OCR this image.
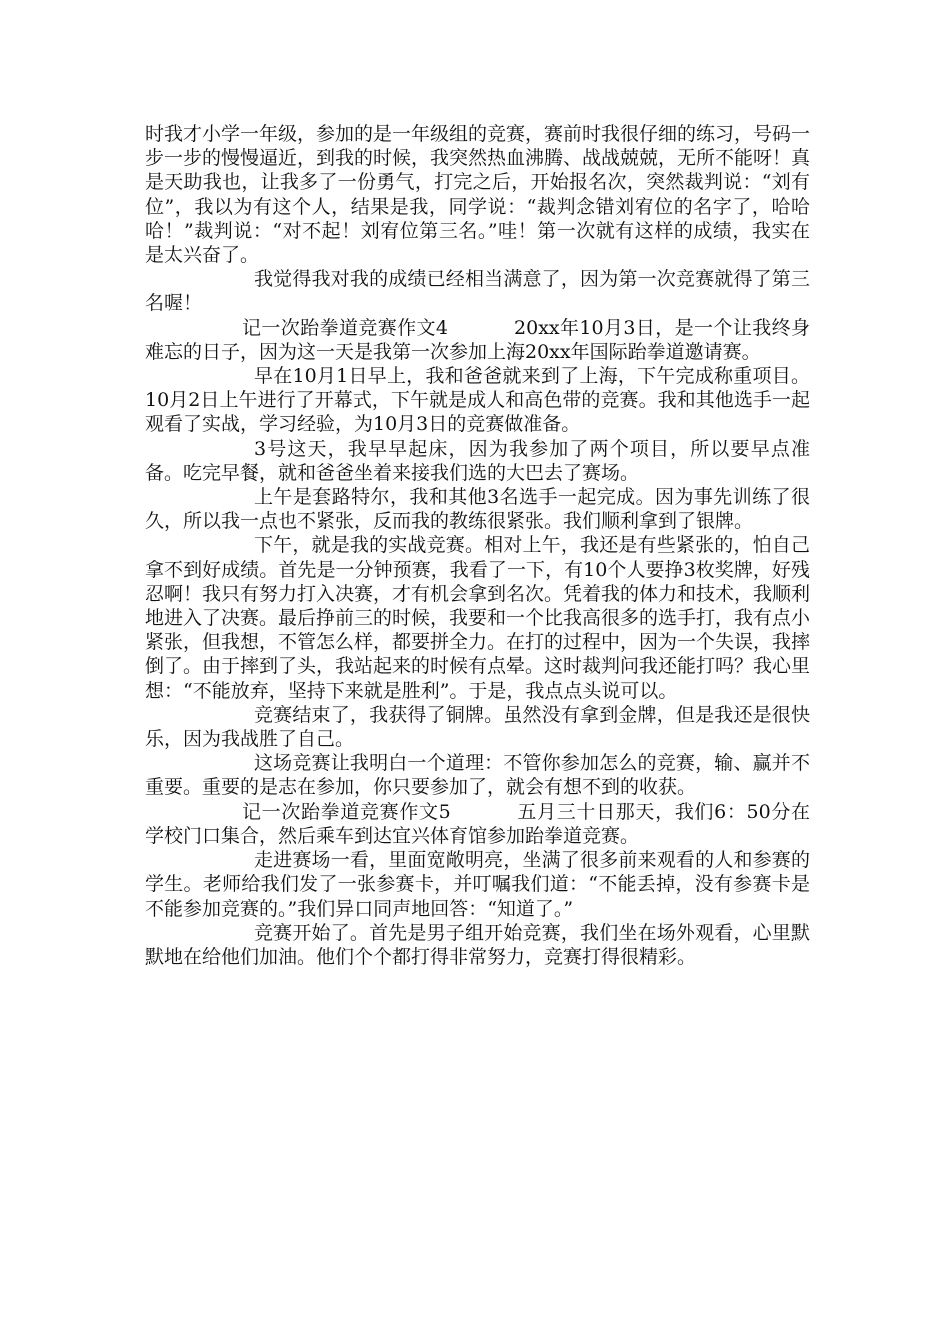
时我才小学一年级，参加的是一年级组的竞赛，赛前时我很仔细的练习，号码一步一步的慢慢逼近，到我的时候，我突然热血沸腾、战战兢兢，无所不能呀！真是天助我也，让我多了一份勇气，打完之后，开始报名次，突然裁判说：“刘有位”，我以为有这个人，结果是我，同学说：“裁判念错刘宥位的名字了，哈哈哈！”裁判说：“对不起！刘宥位第三名。”哇！第一次就有这样的成绩，我实在是太兴奋了。

我觉得我对我的成绩已经相当满意了，因为第一次竞赛就得了第三名喔！

记一次跆拳道竞赛作文4	20xx年10月3日，是一个让我终身难忘的日子，因为这一天是我第一次参加上海20xx年国际跆拳道邀请赛。

早在10月1日早上，我和爸爸就来到了上海，下午完成称重项目。10月2日上午进行了开幕式，下午就是成人和高色带的竞赛。我和其他选手一起观看了实战，学习经验，为10月3日的竞赛做准备。

3号这天，我早早起床，因为我参加了两个项目，所以要早点准备。吃完早餐，就和爸爸坐着来接我们选的大巴去了赛场。

上午是套路特尔，我和其他3名选手一起完成。因为事先训练了很久，所以我一点也不紧张，反而我的教练很紧张。我们顺利拿到了银牌。

下午，就是我的实战竞赛。相对上午，我还是有些紧张的，怕自己拿不到好成绩。首先是一分钟预赛，我看了一下，有10个人要挣3枚奖牌，好残忍啊！我只有努力打入决赛，才有机会拿到名次。凭着我的体力和技术，我顺利地进入了决赛。最后挣前三的时候，我要和一个比我高很多的选手打，我有点小紧张，但我想，不管怎么样，都要拼全力。在打的过程中，因为一个失误，我摔倒了。由于摔到了头，我站起来的时候有点晕。这时裁判问我还能打吗？我心里想：“不能放弃，坚持下来就是胜利”。于是，我点点头说可以。

竞赛结束了，我获得了铜牌。虽然没有拿到金牌，但是我还是很快乐，因为我战胜了自己。

这场竞赛让我明白一个道理：不管你参加怎么的竞赛，输、赢并不重要。重要的是志在参加，你只要参加了，就会有想不到的收获。

记一次跆拳道竞赛作文5	五月三十日那天，我们6：50分在学校门口集合，然后乘车到达宜兴体育馆参加跆拳道竞赛。

走进赛场一看，里面宽敞明亮，坐满了很多前来观看的人和参赛的学生。老师给我们发了一张参赛卡，并叮嘱我们道：“不能丢掉，没有参赛卡是不能参加竞赛的。”我们异口同声地回答：“知道了。”

竞赛开始了。首先是男子组开始竞赛，我们坐在场外观看，心里默默地在给他们加油。他们个个都打得非常努力，竞赛打得很精彩。
